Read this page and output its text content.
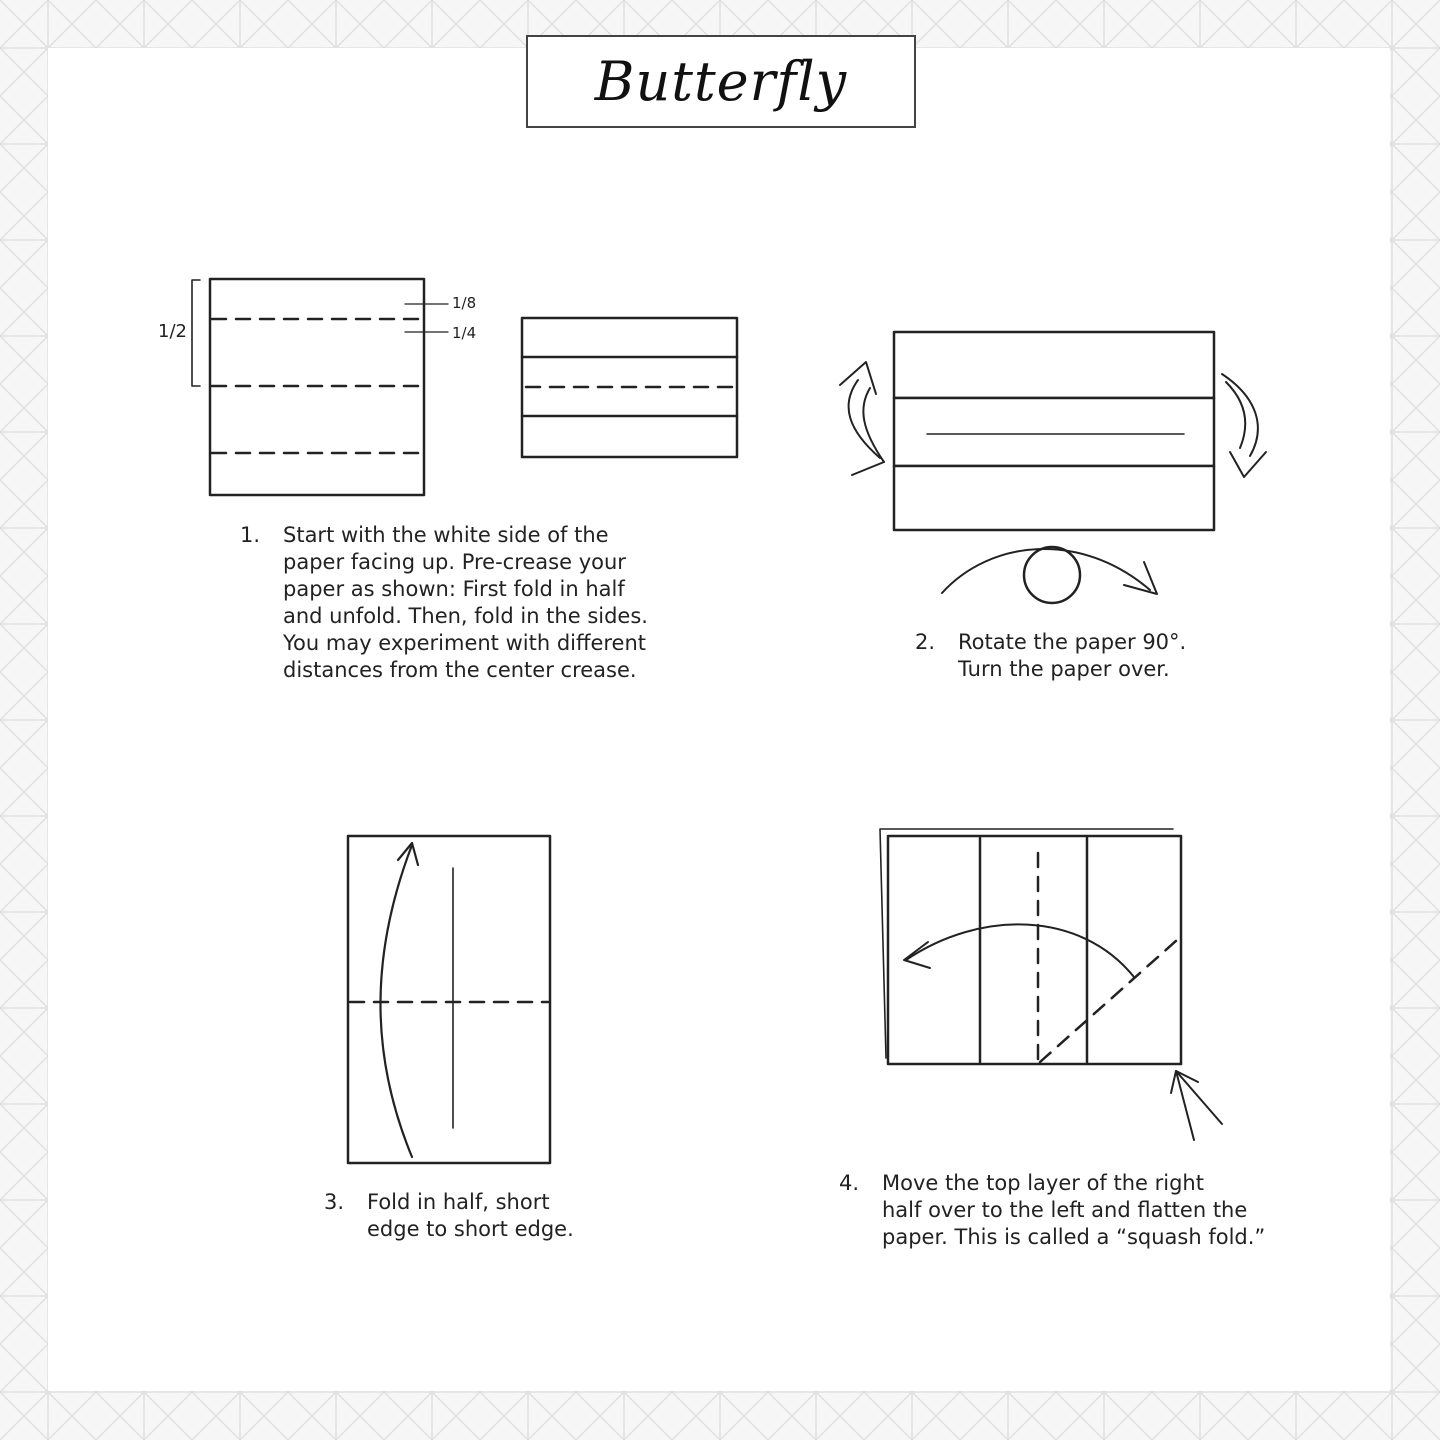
Butterfly
1/2
1/8
1/4
1.	Start with the white side of the
paper facing up. Pre-crease your
paper as shown: First fold in half
and unfold. Then, fold in the sides.
You may experiment with different
distances from the center crease.
2.	Rotate the paper 90°.
Turn the paper over.
3.	Fold in half, short
edge to short edge.
4.	Move the top layer of the right
half over to the left and flatten the
paper. This is called a “squash fold.”
